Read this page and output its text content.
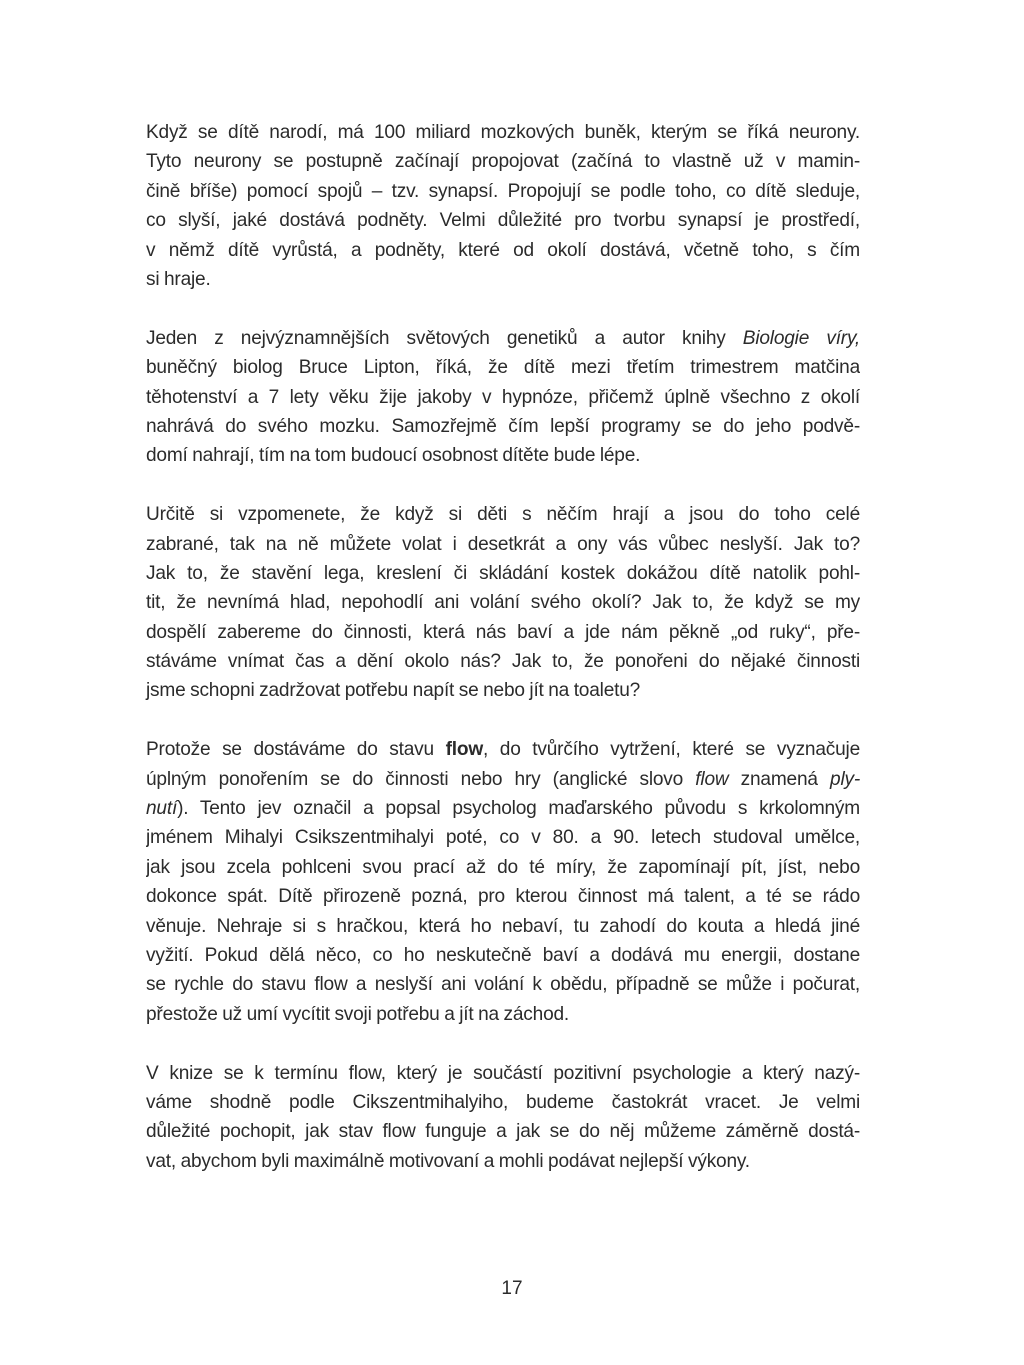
Když se dítě narodí, má 100 miliard mozkových buněk, kterým se říká neurony.
Tyto neurony se postupně začínají propojovat (začíná to vlastně už v mamin-
čině bříše) pomocí spojů – tzv. synapsí. Propojují se podle toho, co dítě sleduje,
co slyší, jaké dostává podněty. Velmi důležité pro tvorbu synapsí je prostředí,
v němž dítě vyrůstá, a podněty, které od okolí dostává, včetně toho, s čím
si hraje.

Jeden z nejvýznamnějších světových genetiků a autor knihy Biologie víry,
buněčný biolog Bruce Lipton, říká, že dítě mezi třetím trimestrem matčina
těhotenství a 7 lety věku žije jakoby v hypnóze, přičemž úplně všechno z okolí
nahrává do svého mozku. Samozřejmě čím lepší programy se do jeho podvě-
domí nahrají, tím na tom budoucí osobnost dítěte bude lépe.

Určitě si vzpomenete, že když si děti s něčím hrají a jsou do toho celé
zabrané, tak na ně můžete volat i desetkrát a ony vás vůbec neslyší. Jak to?
Jak to, že stavění lega, kreslení či skládání kostek dokážou dítě natolik pohl-
tit, že nevnímá hlad, nepohodlí ani volání svého okolí? Jak to, že když se my
dospělí zabereme do činnosti, která nás baví a jde nám pěkně „od ruky“, pře-
stáváme vnímat čas a dění okolo nás? Jak to, že ponořeni do nějaké činnosti
jsme schopni zadržovat potřebu napít se nebo jít na toaletu?

Protože se dostáváme do stavu flow, do tvůrčího vytržení, které se vyznačuje
úplným ponořením se do činnosti nebo hry (anglické slovo flow znamená ply-
nutí). Tento jev označil a popsal psycholog maďarského původu s krkolomným
jménem Mihalyi Csikszentmihalyi poté, co v 80. a 90. letech studoval umělce,
jak jsou zcela pohlceni svou prací až do té míry, že zapomínají pít, jíst, nebo
dokonce spát. Dítě přirozeně pozná, pro kterou činnost má talent, a té se rádo
věnuje. Nehraje si s hračkou, která ho nebaví, tu zahodí do kouta a hledá jiné
vyžití. Pokud dělá něco, co ho neskutečně baví a dodává mu energii, dostane
se rychle do stavu flow a neslyší ani volání k obědu, případně se může i počurat,
přestože už umí vycítit svoji potřebu a jít na záchod.

V knize se k termínu flow, který je součástí pozitivní psychologie a který nazý-
váme shodně podle Cikszentmihalyiho, budeme častokrát vracet. Je velmi
důležité pochopit, jak stav flow funguje a jak se do něj můžeme záměrně dostá-
vat, abychom byli maximálně motivovaní a mohli podávat nejlepší výkony.

17
